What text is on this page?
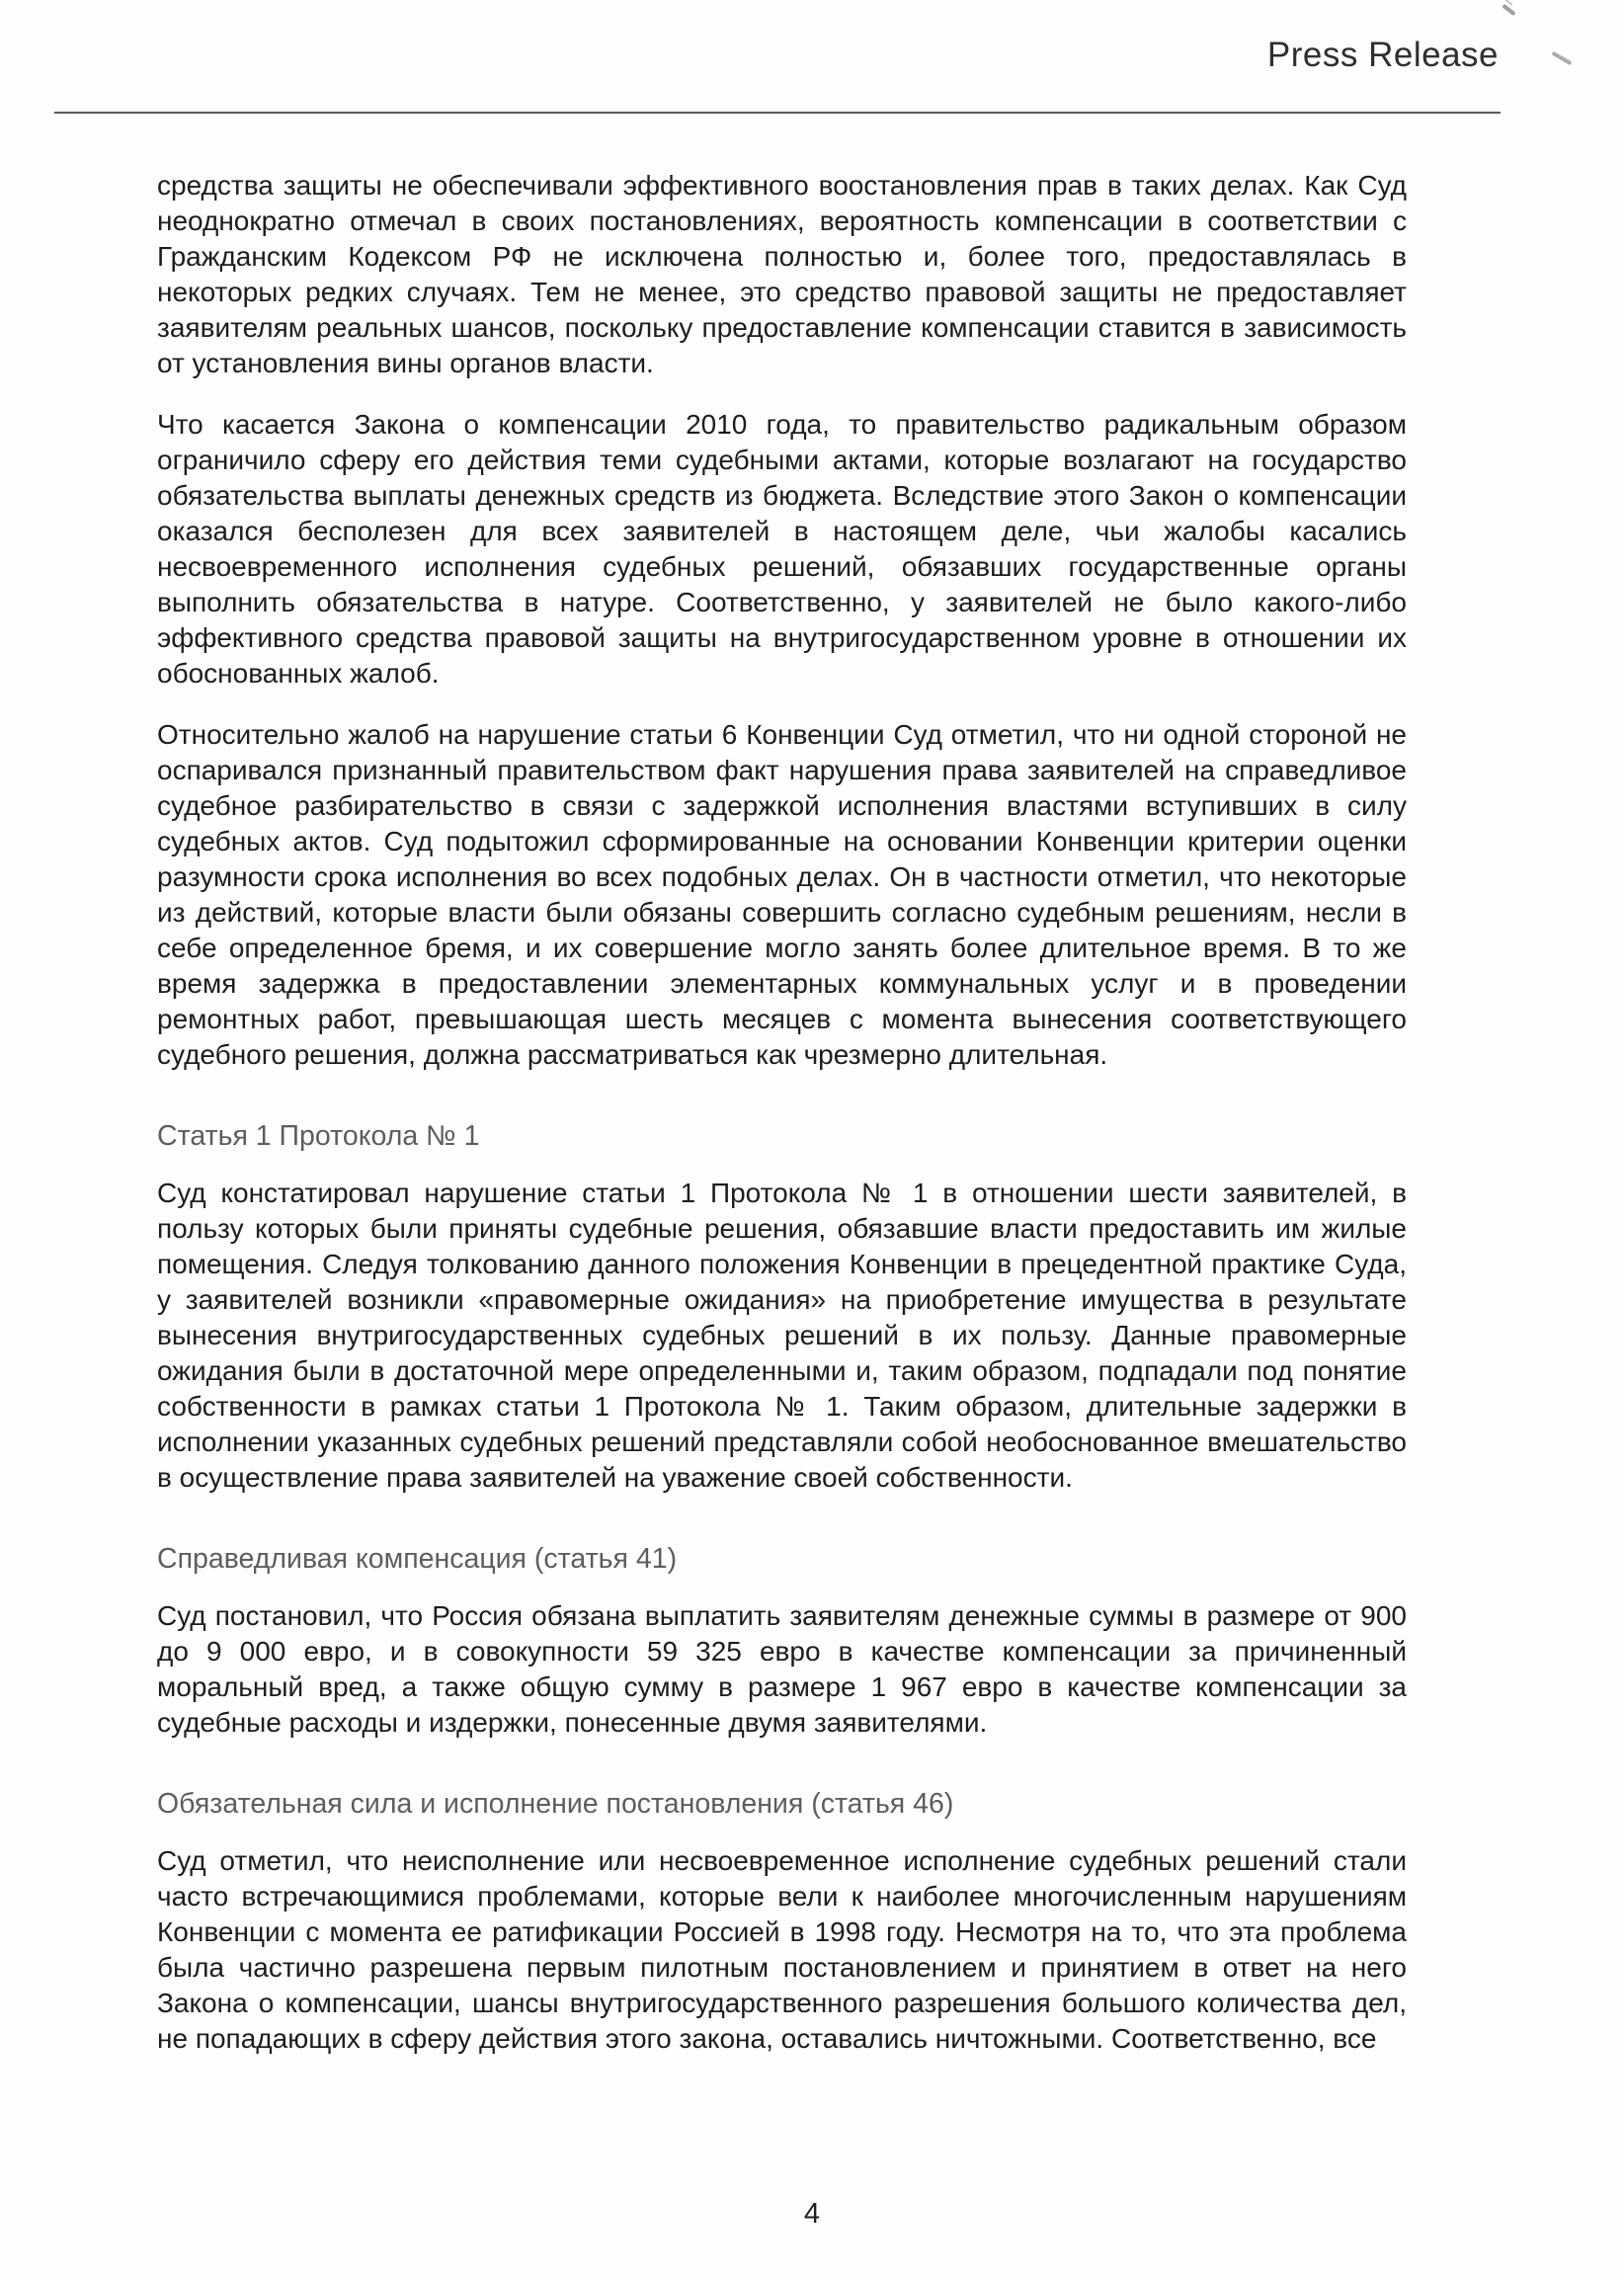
Press Release

средства защиты не обеспечивали эффективного воостановления прав в таких делах. Как Суд неоднократно отмечал в своих постановлениях, вероятность компенсации в соответствии с Гражданским Кодексом РФ не исключена полностью и, более того, предоставлялась в некоторых редких случаях. Тем не менее, это средство правовой защиты не предоставляет заявителям реальных шансов, поскольку предоставление компенсации ставится в зависимость от установления вины органов власти.

Что касается Закона о компенсации 2010 года, то правительство радикальным образом ограничило сферу его действия теми судебными актами, которые возлагают на государство обязательства выплаты денежных средств из бюджета. Вследствие этого Закон о компенсации оказался бесполезен для всех заявителей в настоящем деле, чьи жалобы касались несвоевременного исполнения судебных решений, обязавших государственные органы выполнить обязательства в натуре. Соответственно, у заявителей не было какого-либо эффективного средства правовой защиты на внутригосударственном уровне в отношении их обоснованных жалоб.

Относительно жалоб на нарушение статьи 6 Конвенции Суд отметил, что ни одной стороной не оспаривался признанный правительством факт нарушения права заявителей на справедливое судебное разбирательство в связи с задержкой исполнения властями вступивших в силу судебных актов. Суд подытожил сформированные на основании Конвенции критерии оценки разумности срока исполнения во всех подобных делах. Он в частности отметил, что некоторые из действий, которые власти были обязаны совершить согласно судебным решениям, несли в себе определенное бремя, и их совершение могло занять более длительное время. В то же время задержка в предоставлении элементарных коммунальных услуг и в проведении ремонтных работ, превышающая шесть месяцев с момента вынесения соответствующего судебного решения, должна рассматриваться как чрезмерно длительная.

Статья 1 Протокола № 1

Суд констатировал нарушение статьи 1 Протокола № 1 в отношении шести заявителей, в пользу которых были приняты судебные решения, обязавшие власти предоставить им жилые помещения. Следуя толкованию данного положения Конвенции в прецедентной практике Суда, у заявителей возникли «правомерные ожидания» на приобретение имущества в результате вынесения внутригосударственных судебных решений в их пользу. Данные правомерные ожидания были в достаточной мере определенными и, таким образом, подпадали под понятие собственности в рамках статьи 1 Протокола № 1. Таким образом, длительные задержки в исполнении указанных судебных решений представляли собой необоснованное вмешательство в осуществление права заявителей на уважение своей собственности.

Справедливая компенсация (статья 41)

Суд постановил, что Россия обязана выплатить заявителям денежные суммы в размере от 900 до 9 000 евро, и в совокупности 59 325 евро в качестве компенсации за причиненный моральный вред, а также общую сумму в размере 1 967 евро в качестве компенсации за судебные расходы и издержки, понесенные двумя заявителями.

Обязательная сила и исполнение постановления (статья 46)

Суд отметил, что неисполнение или несвоевременное исполнение судебных решений стали часто встречающимися проблемами, которые вели к наиболее многочисленным нарушениям Конвенции с момента ее ратификации Россией в 1998 году. Несмотря на то, что эта проблема была частично разрешена первым пилотным постановлением и принятием в ответ на него Закона о компенсации, шансы внутригосударственного разрешения большого количества дел, не попадающих в сферу действия этого закона, оставались ничтожными. Соответственно, все

4
